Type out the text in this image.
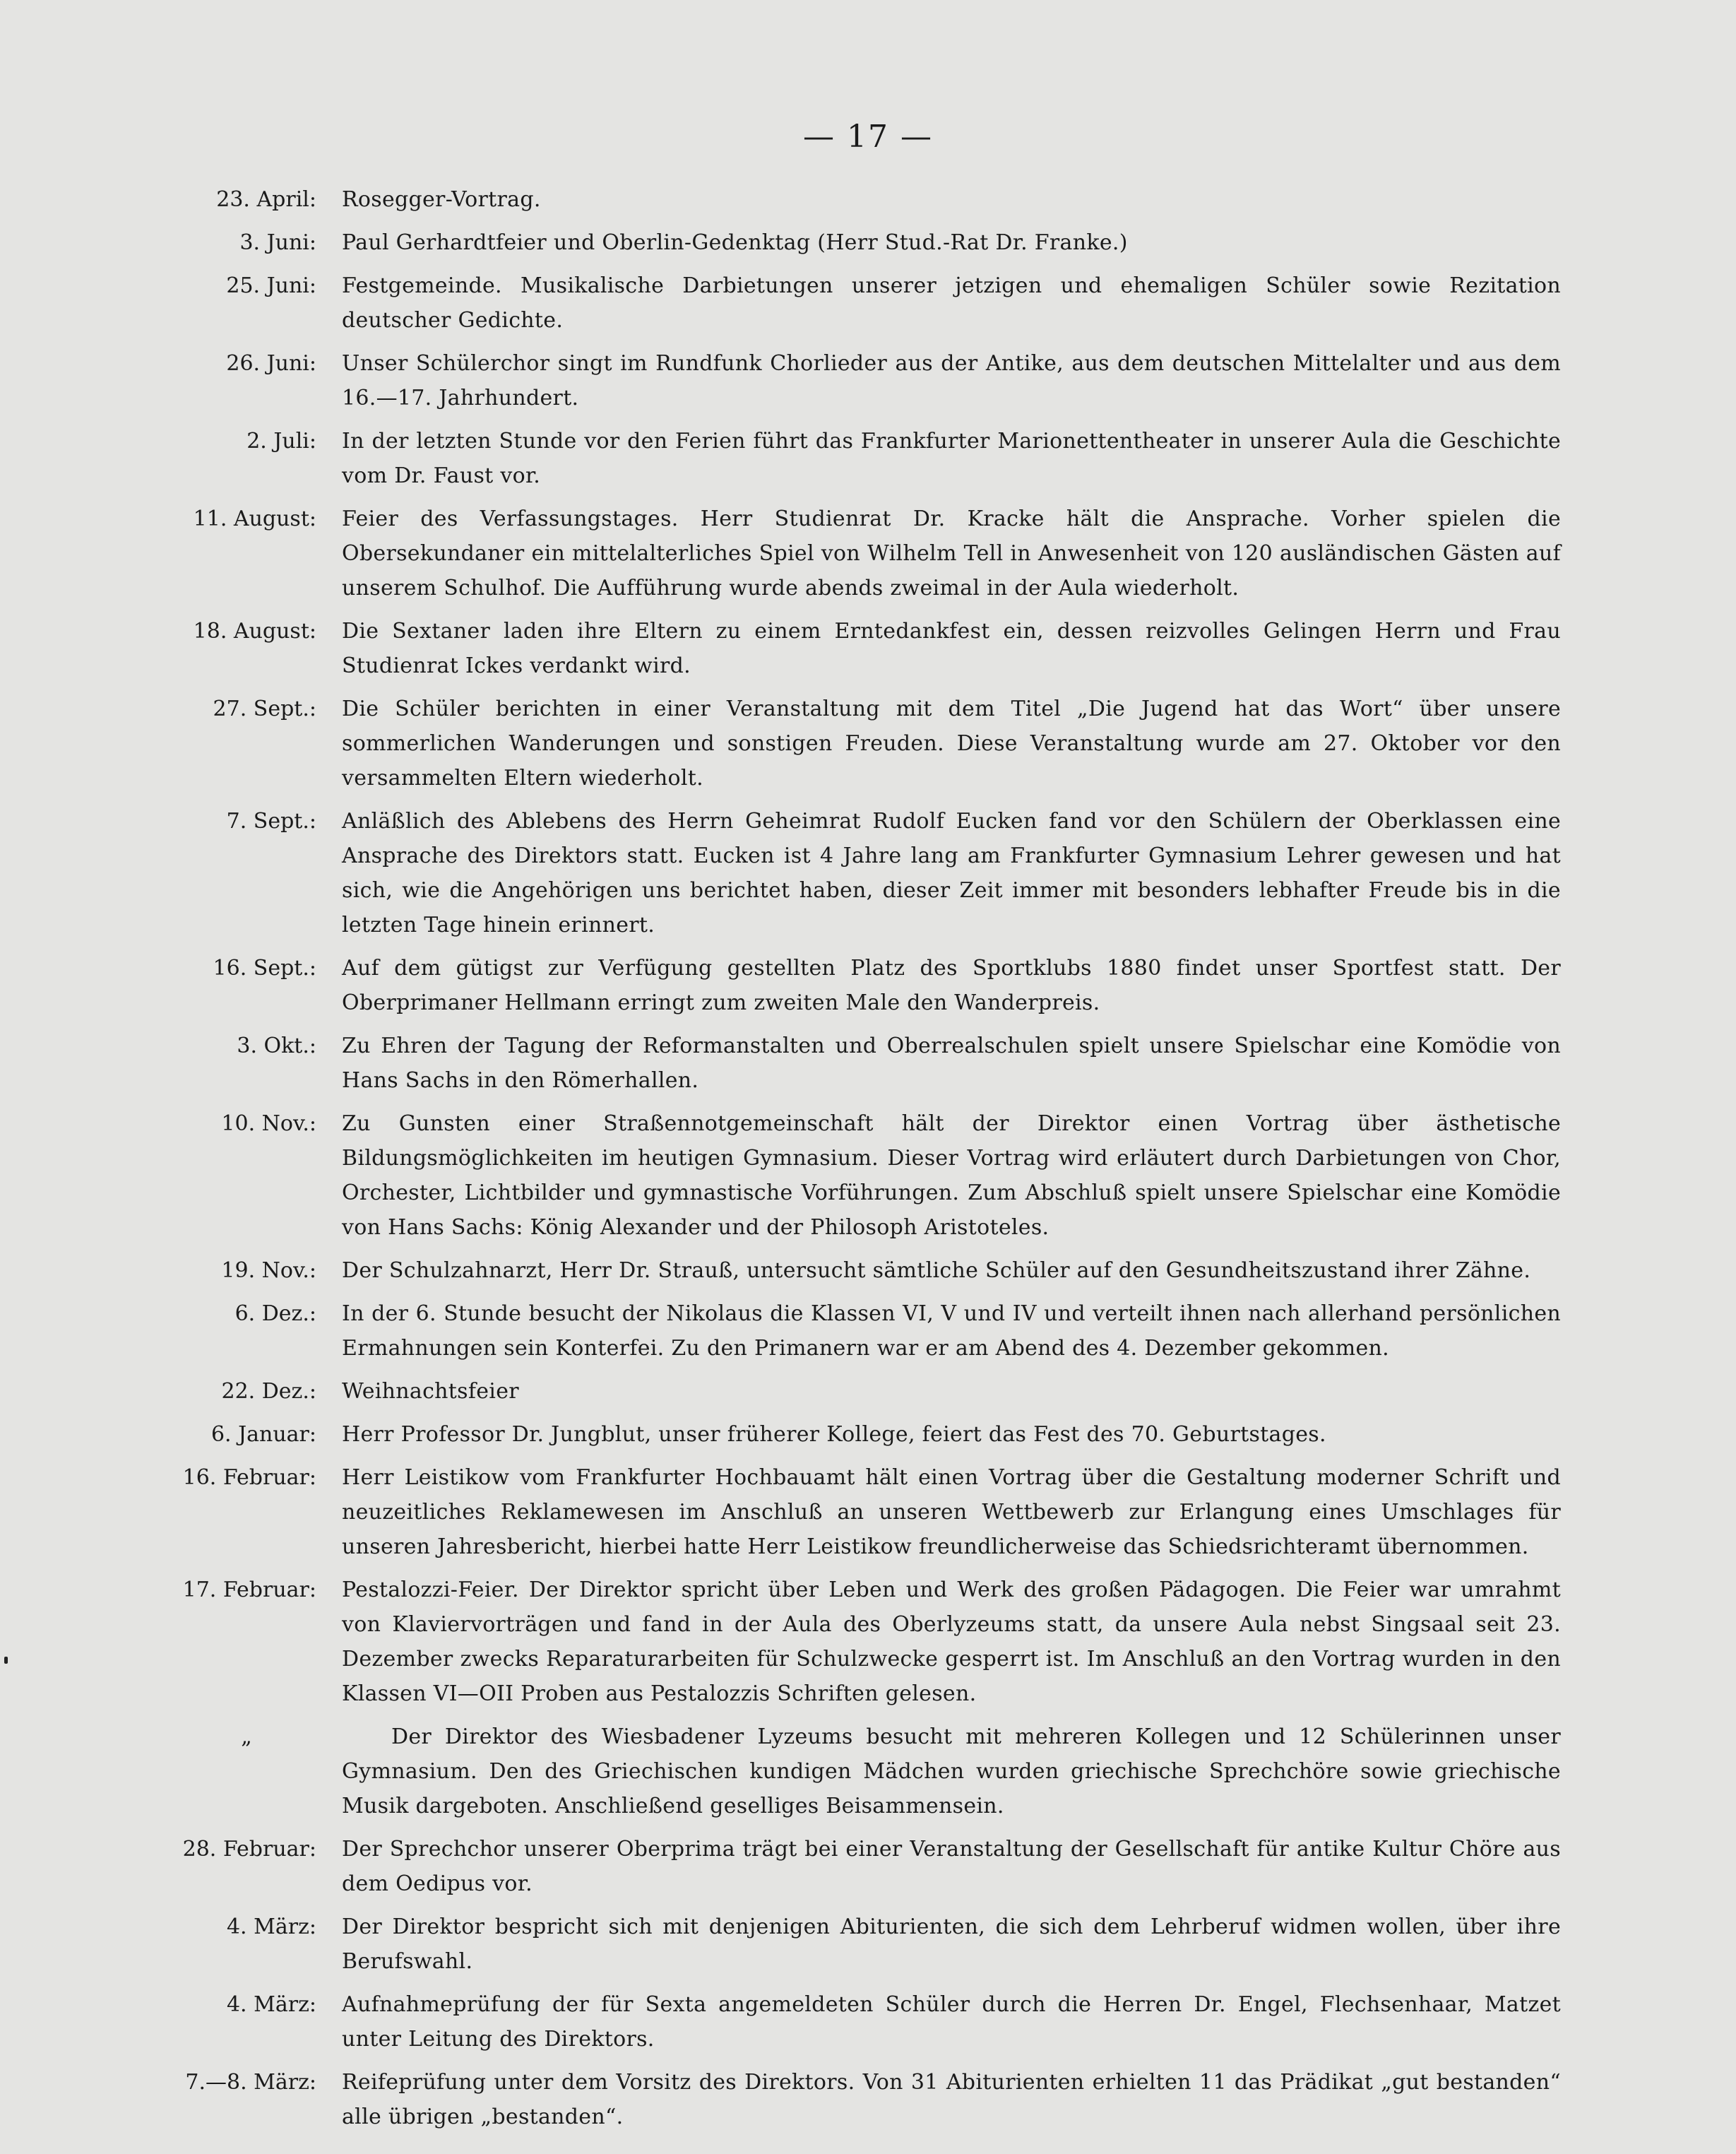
— 17 —
23. April: Rosegger-Vortrag.
3. Juni: Paul Gerhardtfeier und Oberlin-Gedenktag (Herr Stud.-Rat Dr. Franke.)
25. Juni: Festgemeinde. Musikalische Darbietungen unserer jetzigen und ehemaligen Schüler sowie Rezitation deutscher Gedichte.
26. Juni: Unser Schülerchor singt im Rundfunk Chorlieder aus der Antike, aus dem deutschen Mittelalter und aus dem 16.—17. Jahrhundert.
2. Juli: In der letzten Stunde vor den Ferien führt das Frankfurter Marionettentheater in unserer Aula die Geschichte vom Dr. Faust vor.
11. August: Feier des Verfassungstages. Herr Studienrat Dr. Kracke hält die Ansprache. Vorher spielen die Obersekundaner ein mittelalterliches Spiel von Wilhelm Tell in Anwesenheit von 120 ausländischen Gästen auf unserem Schulhof. Die Aufführung wurde abends zweimal in der Aula wiederholt.
18. August: Die Sextaner laden ihre Eltern zu einem Erntedankfest ein, dessen reizvolles Gelingen Herrn und Frau Studienrat Ickes verdankt wird.
27. Sept.: Die Schüler berichten in einer Veranstaltung mit dem Titel „Die Jugend hat das Wort“ über unsere sommerlichen Wanderungen und sonstigen Freuden. Diese Veranstaltung wurde am 27. Oktober vor den versammelten Eltern wiederholt.
7. Sept.: Anläßlich des Ablebens des Herrn Geheimrat Rudolf Eucken fand vor den Schülern der Oberklassen eine Ansprache des Direktors statt. Eucken ist 4 Jahre lang am Frankfurter Gymnasium Lehrer gewesen und hat sich, wie die Angehörigen uns berichtet haben, dieser Zeit immer mit besonders lebhafter Freude bis in die letzten Tage hinein erinnert.
16. Sept.: Auf dem gütigst zur Verfügung gestellten Platz des Sportklubs 1880 findet unser Sportfest statt. Der Oberprimaner Hellmann erringt zum zweiten Male den Wanderpreis.
3. Okt.: Zu Ehren der Tagung der Reformanstalten und Oberrealschulen spielt unsere Spielschar eine Komödie von Hans Sachs in den Römerhallen.
10. Nov.: Zu Gunsten einer Straßennotgemeinschaft hält der Direktor einen Vortrag über ästhetische Bildungsmöglichkeiten im heutigen Gymnasium. Dieser Vortrag wird erläutert durch Darbietungen von Chor, Orchester, Lichtbilder und gymnastische Vorführungen. Zum Abschluß spielt unsere Spielschar eine Komödie von Hans Sachs: König Alexander und der Philosoph Aristoteles.
19. Nov.: Der Schulzahnarzt, Herr Dr. Strauß, untersucht sämtliche Schüler auf den Gesundheitszustand ihrer Zähne.
6. Dez.: In der 6. Stunde besucht der Nikolaus die Klassen VI, V und IV und verteilt ihnen nach allerhand persönlichen Ermahnungen sein Konterfei. Zu den Primanern war er am Abend des 4. Dezember gekommen.
22. Dez.: Weihnachtsfeier
6. Januar: Herr Professor Dr. Jungblut, unser früherer Kollege, feiert das Fest des 70. Geburtstages.
16. Februar: Herr Leistikow vom Frankfurter Hochbauamt hält einen Vortrag über die Gestaltung moderner Schrift und neuzeitliches Reklamewesen im Anschluß an unseren Wettbewerb zur Erlangung eines Umschlages für unseren Jahresbericht, hierbei hatte Herr Leistikow freundlicherweise das Schiedsrichteramt übernommen.
17. Februar: Pestalozzi-Feier. Der Direktor spricht über Leben und Werk des großen Pädagogen. Die Feier war umrahmt von Klaviervorträgen und fand in der Aula des Oberlyzeums statt, da unsere Aula nebst Singsaal seit 23. Dezember zwecks Reparaturarbeiten für Schulzwecke gesperrt ist. Im Anschluß an den Vortrag wurden in den Klassen VI—OII Proben aus Pestalozzis Schriften gelesen.
„	Der Direktor des Wiesbadener Lyzeums besucht mit mehreren Kollegen und 12 Schülerinnen unser Gymnasium. Den des Griechischen kundigen Mädchen wurden griechische Sprechchöre sowie griechische Musik dargeboten. Anschließend geselliges Beisammensein.
28. Februar: Der Sprechchor unserer Oberprima trägt bei einer Veranstaltung der Gesellschaft für antike Kultur Chöre aus dem Oedipus vor.
4. März: Der Direktor bespricht sich mit denjenigen Abiturienten, die sich dem Lehrberuf widmen wollen, über ihre Berufswahl.
4. März: Aufnahmeprüfung der für Sexta angemeldeten Schüler durch die Herren Dr. Engel, Flechsenhaar, Matzet unter Leitung des Direktors.
7.—8. März: Reifeprüfung unter dem Vorsitz des Direktors. Von 31 Abiturienten erhielten 11 das Prädikat „gut bestanden“ alle übrigen „bestanden“.
